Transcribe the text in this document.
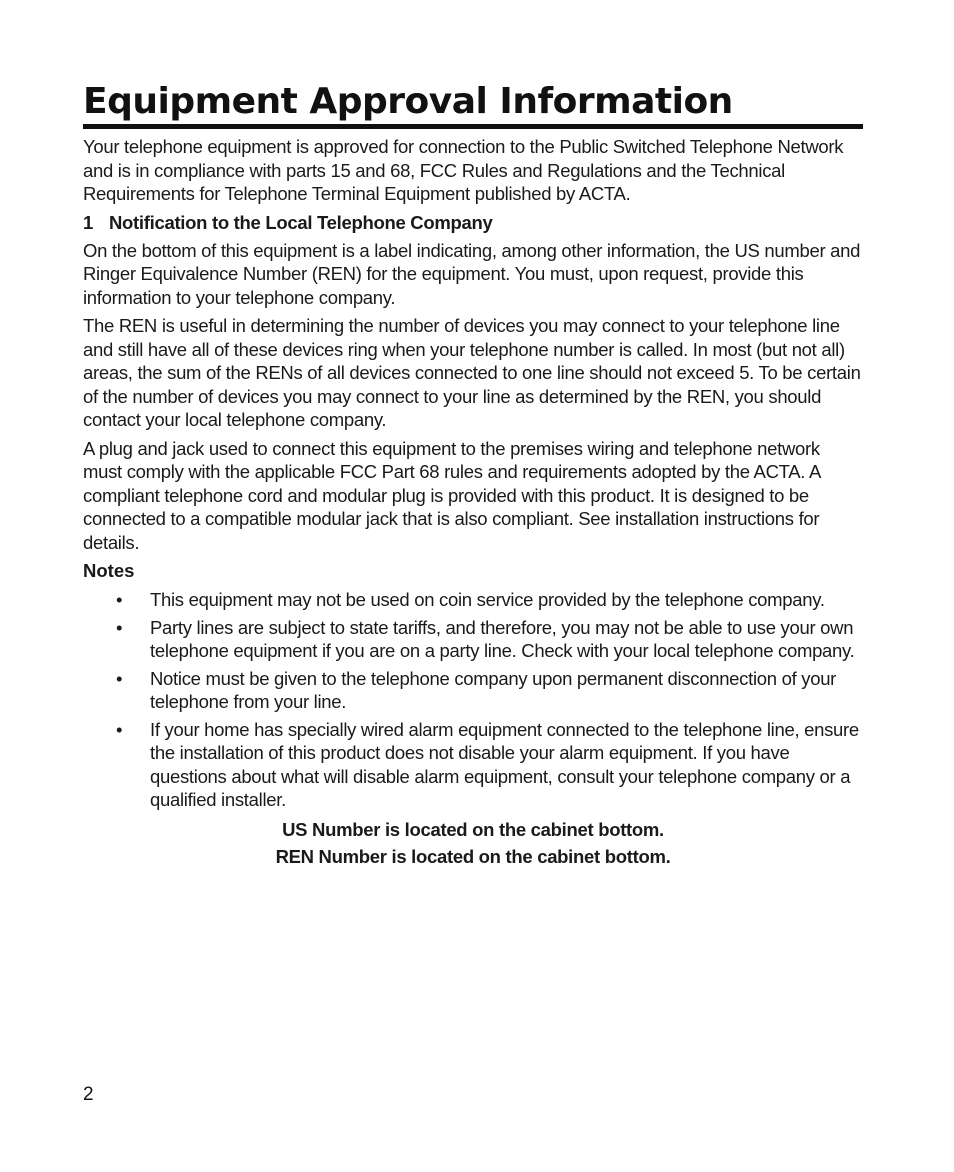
Equipment Approval Information

Your telephone equipment is approved for connection to the Public Switched Telephone Network and is in compliance with parts 15 and 68, FCC Rules and Regulations and the Technical Requirements for Telephone Terminal Equipment published by ACTA.

1 Notification to the Local Telephone Company

On the bottom of this equipment is a label indicating, among other information, the US number and Ringer Equivalence Number (REN) for the equipment. You must, upon request, provide this information to your telephone company.

The REN is useful in determining the number of devices you may connect to your telephone line and still have all of these devices ring when your telephone number is called. In most (but not all) areas, the sum of the RENs of all devices connected to one line should not exceed 5. To be certain of the number of devices you may connect to your line as determined by the REN, you should contact your local telephone company.

A plug and jack used to connect this equipment to the premises wiring and telephone network must comply with the applicable FCC Part 68 rules and requirements adopted by the ACTA. A compliant telephone cord and modular plug is provided with this product. It is designed to be connected to a compatible modular jack that is also compliant. See installation instructions for details.

Notes
• This equipment may not be used on coin service provided by the telephone company.
• Party lines are subject to state tariffs, and therefore, you may not be able to use your own telephone equipment if you are on a party line. Check with your local telephone company.
• Notice must be given to the telephone company upon permanent disconnection of your telephone from your line.
• If your home has specially wired alarm equipment connected to the telephone line, ensure the installation of this product does not disable your alarm equipment. If you have questions about what will disable alarm equipment, consult your telephone company or a qualified installer.
US Number is located on the cabinet bottom.
REN Number is located on the cabinet bottom.
2
